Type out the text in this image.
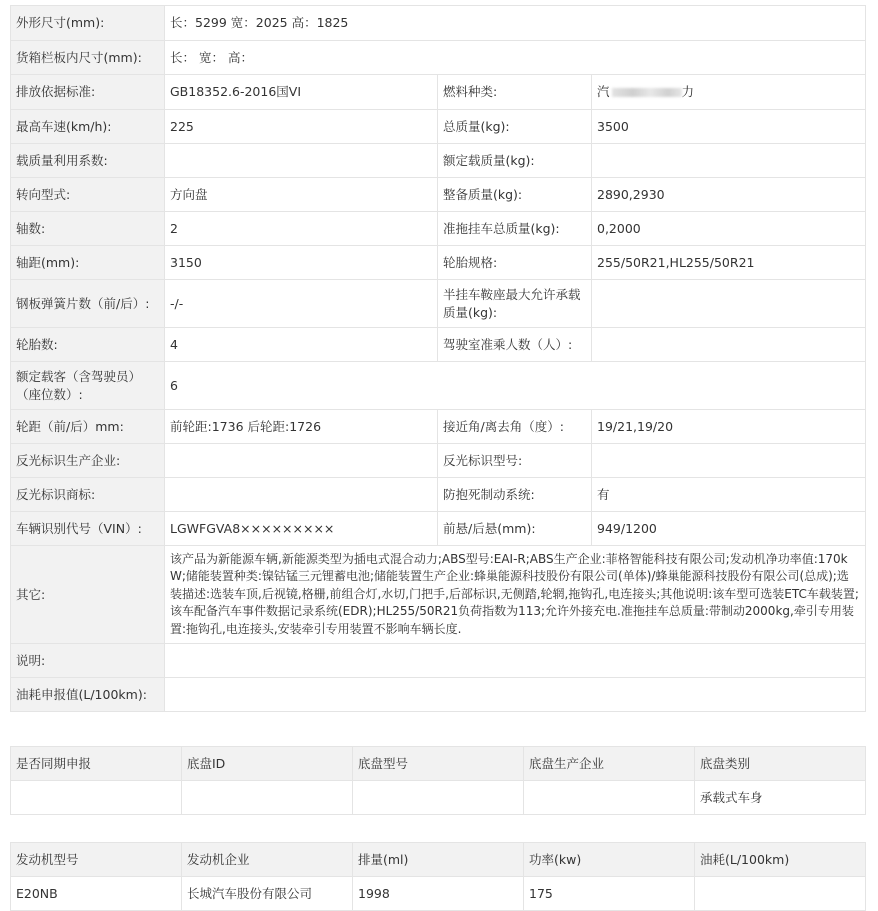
外形尺寸(mm):	长：5299 宽：2025 高：1825		
货箱栏板内尺寸(mm):	长： 宽： 高：		
排放依据标准:	GB18352.6-2016国VI	燃料种类:	汽 力
最高车速(km/h):	225	总质量(kg):	3500
载质量利用系数:		额定载质量(kg):	
转向型式:	方向盘	整备质量(kg):	2890,2930
轴数:	2	准拖挂车总质量(kg):	0,2000
轴距(mm):	3150	轮胎规格:	255/50R21,HL255/50R21
钢板弹簧片数（前/后）:	-/-	半挂车鞍座最大允许承载质量(kg):	
轮胎数:	4	驾驶室准乘人数（人）:	
额定载客（含驾驶员）（座位数）:	6		
轮距（前/后）mm:	前轮距:1736 后轮距:1726	接近角/离去角（度）:	19/21,19/20
反光标识生产企业:		反光标识型号:	
反光标识商标:		防抱死制动系统:	有
车辆识别代号（VIN）:	LGWFGVA8×××××××××	前悬/后悬(mm):	949/1200
其它:	该产品为新能源车辆,新能源类型为插电式混合动力;ABS型号:EAI-R;ABS生产企业:菲格智能科技有限公司;发动机净功率值:170kW;储能装置种类:镍钴锰三元锂蓄电池;储能装置生产企业:蜂巢能源科技股份有限公司(单体)/蜂巢能源科技股份有限公司(总成);选装描述:选装车顶,后视镜,格栅,前组合灯,水切,门把手,后部标识,无侧踏,轮辋,拖钩孔,电连接头;其他说明:该车型可选装ETC车载装置;该车配备汽车事件数据记录系统(EDR);HL255/50R21负荷指数为113;允许外接充电.准拖挂车总质量:带制动2000kg,牵引专用装置:拖钩孔,电连接头,安装牵引专用装置不影响车辆长度.		
说明:			
油耗申报值(L/100km):			
是否同期申报	底盘ID	底盘型号	底盘生产企业	底盘类别
				承载式车身
发动机型号	发动机企业	排量(ml)	功率(kw)	油耗(L/100km)
E20NB	长城汽车股份有限公司	1998	175	
